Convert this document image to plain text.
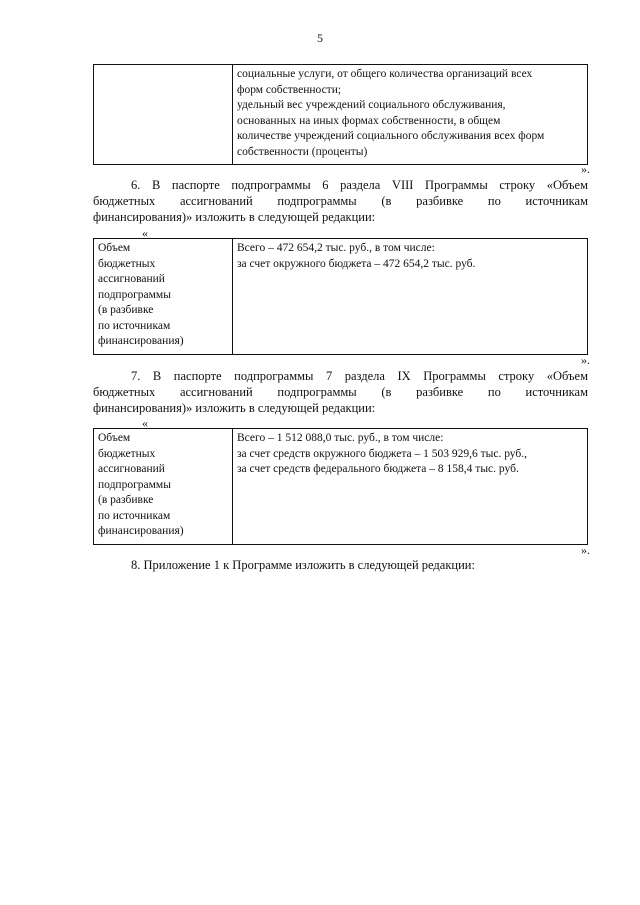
5

социальные услуги, от общего количества организаций всех
форм собственности;
удельный вес учреждений социального обслуживания,
основанных на иных формах собственности, в общем
количестве учреждений социального обслуживания всех форм
собственности (проценты)
».
6. В паспорте подпрограммы 6 раздела VIII Программы строку «Объем
бюджетных ассигнований подпрограммы (в разбивке по источникам
финансирования)» изложить в следующей редакции:
«
Объем
бюджетных
ассигнований
подпрограммы
(в разбивке
по источникам
финансирования)

Всего – 472 654,2 тыс. руб., в том числе:
за счет окружного бюджета – 472 654,2 тыс. руб.
».
7. В паспорте подпрограммы 7 раздела IX Программы строку «Объем
бюджетных ассигнований подпрограммы (в разбивке по источникам
финансирования)» изложить в следующей редакции:
«
Объем
бюджетных
ассигнований
подпрограммы
(в разбивке
по источникам
финансирования)

Всего – 1 512 088,0 тыс. руб., в том числе:
за счет средств окружного бюджета – 1 503 929,6 тыс. руб.,
за счет средств федерального бюджета – 8 158,4 тыс. руб.
».
8. Приложение 1 к Программе изложить в следующей редакции:
